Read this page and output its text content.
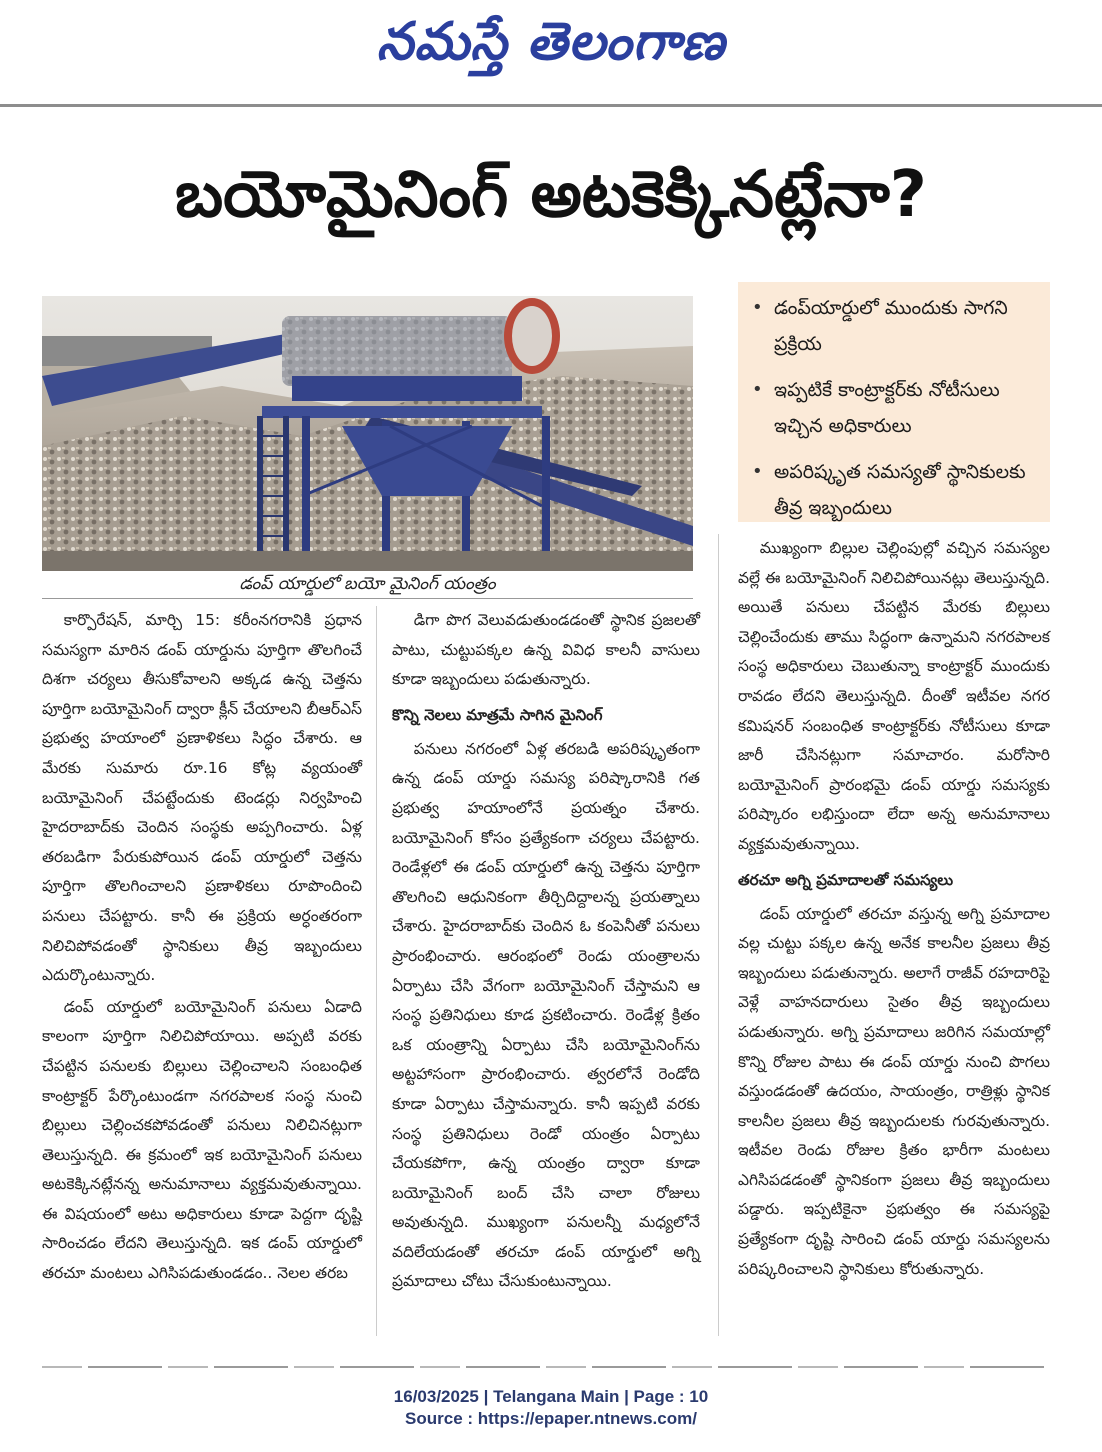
నమస్తే తెలంగాణ
బయోమైనింగ్ అటకెక్కినట్లేనా?
డంప్ యార్డులో బయో మైనింగ్ యంత్రం
• డంప్‌యార్డులో ముందుకు సాగని ప్రక్రియ
• ఇప్పటికే కాంట్రాక్టర్‌కు నోటీసులు ఇచ్చిన అధికారులు
• అపరిష్కృత సమస్యతో స్థానికులకు తీవ్ర ఇబ్బందులు

కార్పొరేషన్, మార్చి 15: కరీంనగరానికి ప్రధాన సమస్యగా మారిన డంప్ యార్డును పూర్తిగా తొలగించే దిశగా చర్యలు తీసుకోవాలని అక్కడ ఉన్న చెత్తను పూర్తిగా బయోమైనింగ్ ద్వారా క్లీన్ చేయాలని బీఆర్ఎస్ ప్రభుత్వ హయాంలో ప్రణాళికలు సిద్ధం చేశారు. ఆ మేరకు సుమారు రూ.16 కోట్ల వ్యయంతో బయోమైనింగ్ చేపట్టేందుకు టెండర్లు నిర్వహించి హైదరాబాద్‌కు చెందిన సంస్థకు అప్పగించారు. ఏళ్ల తరబడిగా పేరుకుపోయిన డంప్ యార్డులో చెత్తను పూర్తిగా తొలగించాలని ప్రణాళికలు రూపొందించి పనులు చేపట్టారు. కానీ ఈ ప్రక్రియ అర్ధంతరంగా నిలిచిపోవడంతో స్థానికులు తీవ్ర ఇబ్బందులు ఎదుర్కొంటున్నారు.

డంప్ యార్డులో బయోమైనింగ్ పనులు ఏడాది కాలంగా పూర్తిగా నిలిచిపోయాయి. అప్పటి వరకు చేపట్టిన పనులకు బిల్లులు చెల్లించాలని సంబంధిత కాంట్రాక్టర్ పేర్కొంటుండగా నగరపాలక సంస్థ నుంచి బిల్లులు చెల్లించకపోవడంతో పనులు నిలిచినట్లుగా తెలుస్తున్నది. ఈ క్రమంలో ఇక బయోమైనింగ్ పనులు అటకెక్కినట్లేనన్న అనుమానాలు వ్యక్తమవుతున్నాయి. ఈ విషయంలో అటు అధికారులు కూడా పెద్దగా దృష్టి సారించడం లేదని తెలుస్తున్నది. ఇక డంప్ యార్డులో తరచూ మంటలు ఎగిసిపడుతుండడం.. నెలల తరబ

డిగా పొగ వెలువడుతుండడంతో స్థానిక ప్రజలతో పాటు, చుట్టుపక్కల ఉన్న వివిధ కాలనీ వాసులు కూడా ఇబ్బందులు పడుతున్నారు.

కొన్ని నెలలు మాత్రమే సాగిన మైనింగ్

పనులు నగరంలో ఏళ్ల తరబడి అపరిష్కృతంగా ఉన్న డంప్ యార్డు సమస్య పరిష్కారానికి గత ప్రభుత్వ హయాంలోనే ప్రయత్నం చేశారు. బయోమైనింగ్ కోసం ప్రత్యేకంగా చర్యలు చేపట్టారు. రెండేళ్లలో ఈ డంప్ యార్డులో ఉన్న చెత్తను పూర్తిగా తొలగించి ఆధునికంగా తీర్చిదిద్దాలన్న ప్రయత్నాలు చేశారు. హైదరాబాద్‌కు చెందిన ఓ కంపెనీతో పనులు ప్రారంభించారు. ఆరంభంలో రెండు యంత్రాలను ఏర్పాటు చేసి వేగంగా బయోమైనింగ్ చేస్తామని ఆ సంస్థ ప్రతినిధులు కూడ ప్రకటించారు. రెండేళ్ల క్రితం ఒక యంత్రాన్ని ఏర్పాటు చేసి బయోమైనింగ్‌ను అట్టహాసంగా ప్రారంభించారు. త్వరలోనే రెండోది కూడా ఏర్పాటు చేస్తామన్నారు. కానీ ఇప్పటి వరకు సంస్థ ప్రతినిధులు రెండో యంత్రం ఏర్పాటు చేయకపోగా, ఉన్న యంత్రం ద్వారా కూడా బయోమైనింగ్ బంద్ చేసి చాలా రోజులు అవుతున్నది. ముఖ్యంగా పనులన్నీ మధ్యలోనే వదిలేయడంతో తరచూ డంప్ యార్డులో అగ్ని ప్రమాదాలు చోటు చేసుకుంటున్నాయి.

ముఖ్యంగా బిల్లుల చెల్లింపుల్లో వచ్చిన సమస్యల వల్లే ఈ బయోమైనింగ్ నిలిచిపోయినట్లు తెలుస్తున్నది. అయితే పనులు చేపట్టిన మేరకు బిల్లులు చెల్లించేందుకు తాము సిద్ధంగా ఉన్నామని నగరపాలక సంస్థ అధికారులు చెబుతున్నా కాంట్రాక్టర్ ముందుకు రావడం లేదని తెలుస్తున్నది. దీంతో ఇటీవల నగర కమిషనర్ సంబంధిత కాంట్రాక్టర్‌కు నోటీసులు కూడా జారీ చేసినట్లుగా సమాచారం. మరోసారి బయోమైనింగ్ ప్రారంభమై డంప్ యార్డు సమస్యకు పరిష్కారం లభిస్తుందా లేదా అన్న అనుమానాలు వ్యక్తమవుతున్నాయి.

తరచూ అగ్ని ప్రమాదాలతో సమస్యలు

డంప్ యార్డులో తరచూ వస్తున్న అగ్ని ప్రమాదాల వల్ల చుట్టు పక్కల ఉన్న అనేక కాలనీల ప్రజలు తీవ్ర ఇబ్బందులు పడుతున్నారు. అలాగే రాజీవ్ రహదారిపై వెళ్లే వాహనదారులు సైతం తీవ్ర ఇబ్బందులు పడుతున్నారు. అగ్ని ప్రమాదాలు జరిగిన సమయాల్లో కొన్ని రోజుల పాటు ఈ డంప్ యార్డు నుంచి పొగలు వస్తుండడంతో ఉదయం, సాయంత్రం, రాత్రిళ్లు స్థానిక కాలనీల ప్రజలు తీవ్ర ఇబ్బందులకు గురవుతున్నారు. ఇటీవల రెండు రోజుల క్రితం భారీగా మంటలు ఎగిసిపడడంతో స్థానికంగా ప్రజలు తీవ్ర ఇబ్బందులు పడ్డారు. ఇప్పటికైనా ప్రభుత్వం ఈ సమస్యపై ప్రత్యేకంగా దృష్టి సారించి డంప్ యార్డు సమస్యలను పరిష్కరించాలని స్థానికులు కోరుతున్నారు.

16/03/2025 | Telangana Main | Page : 10
Source : https://epaper.ntnews.com/
